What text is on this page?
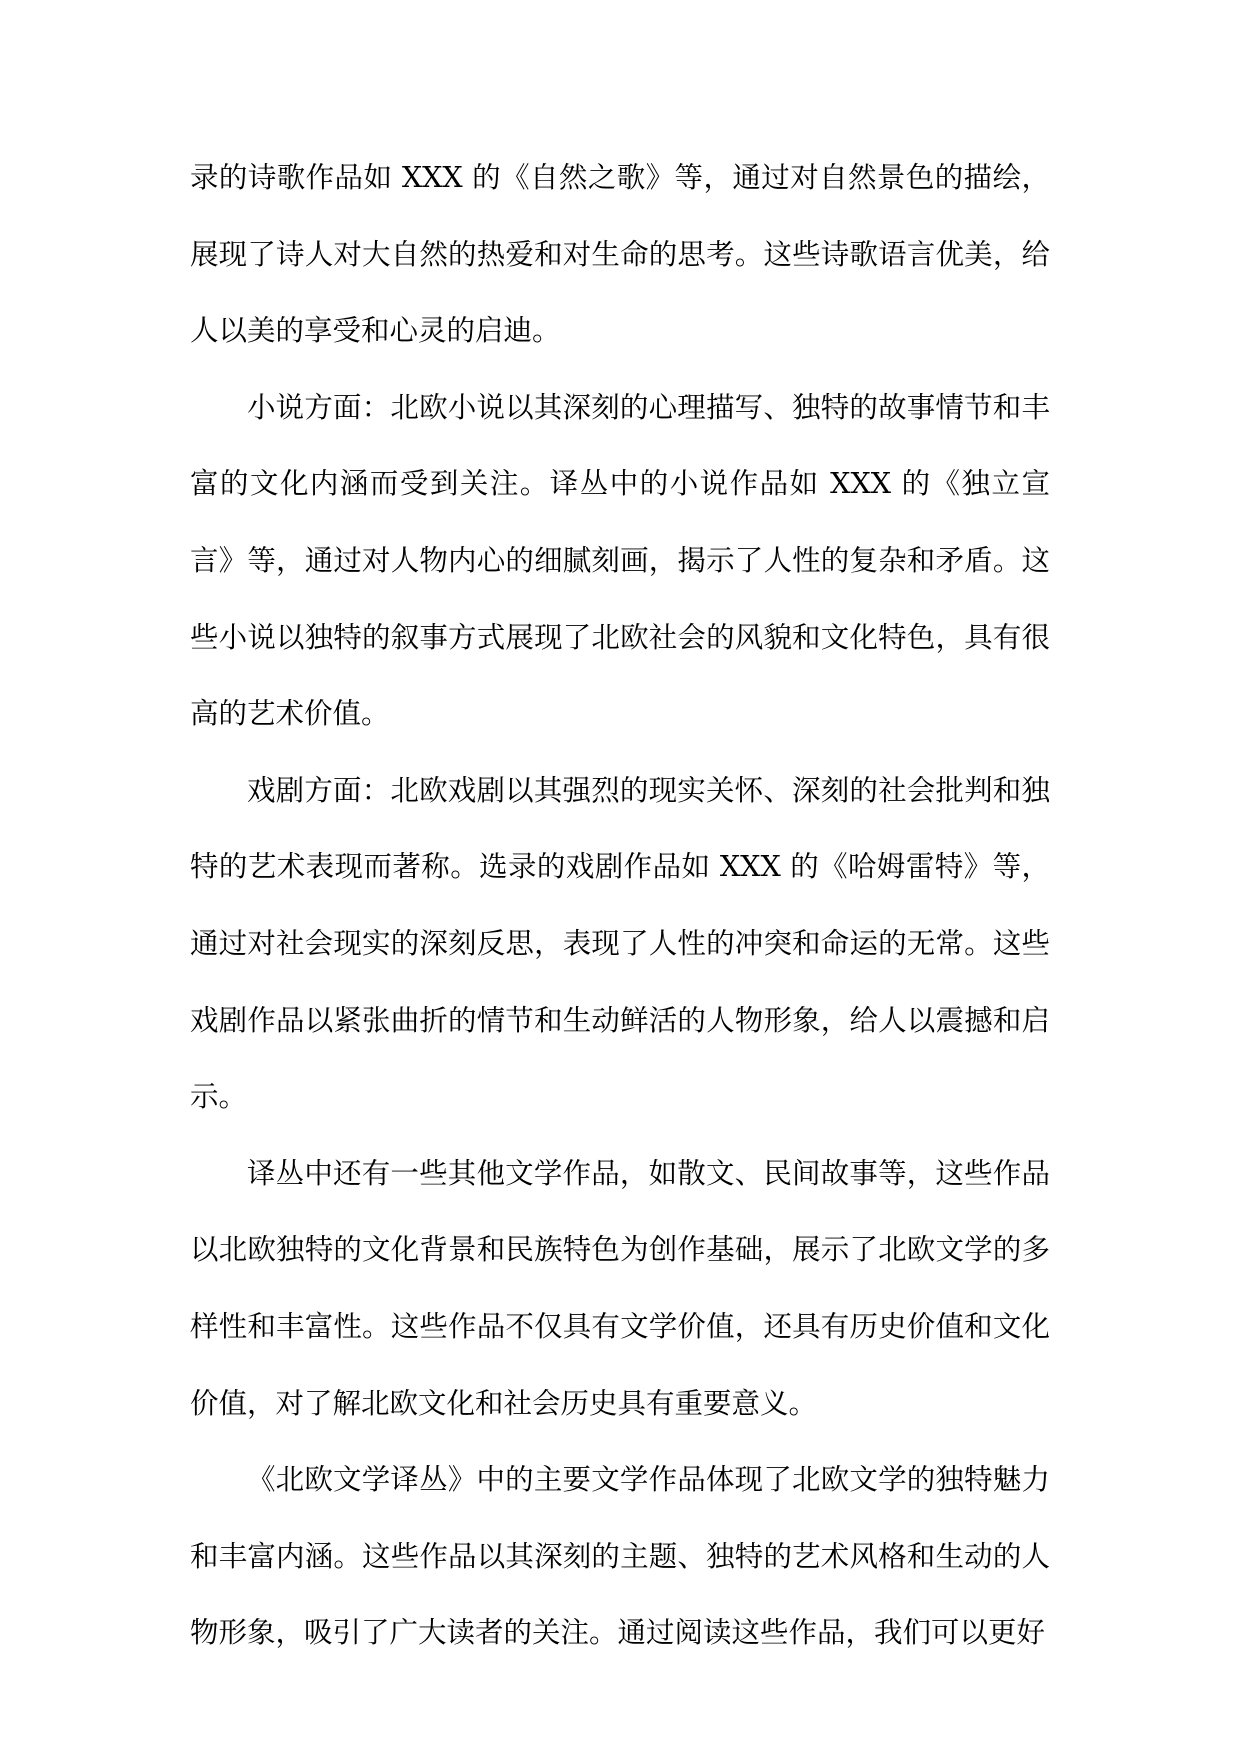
录的诗歌作品如 XXX 的《自然之歌》等，通过对自然景色的描绘，展现了诗人对大自然的热爱和对生命的思考。这些诗歌语言优美，给人以美的享受和心灵的启迪。

小说方面：北欧小说以其深刻的心理描写、独特的故事情节和丰富的文化内涵而受到关注。译丛中的小说作品如 XXX 的《独立宣言》等，通过对人物内心的细腻刻画，揭示了人性的复杂和矛盾。这些小说以独特的叙事方式展现了北欧社会的风貌和文化特色，具有很高的艺术价值。

戏剧方面：北欧戏剧以其强烈的现实关怀、深刻的社会批判和独特的艺术表现而著称。选录的戏剧作品如 XXX 的《哈姆雷特》等，通过对社会现实的深刻反思，表现了人性的冲突和命运的无常。这些戏剧作品以紧张曲折的情节和生动鲜活的人物形象，给人以震撼和启示。

译丛中还有一些其他文学作品，如散文、民间故事等，这些作品以北欧独特的文化背景和民族特色为创作基础，展示了北欧文学的多样性和丰富性。这些作品不仅具有文学价值，还具有历史价值和文化价值，对了解北欧文化和社会历史具有重要意义。

《北欧文学译丛》中的主要文学作品体现了北欧文学的独特魅力和丰富内涵。这些作品以其深刻的主题、独特的艺术风格和生动的人物形象，吸引了广大读者的关注。通过阅读这些作品，我们可以更好
